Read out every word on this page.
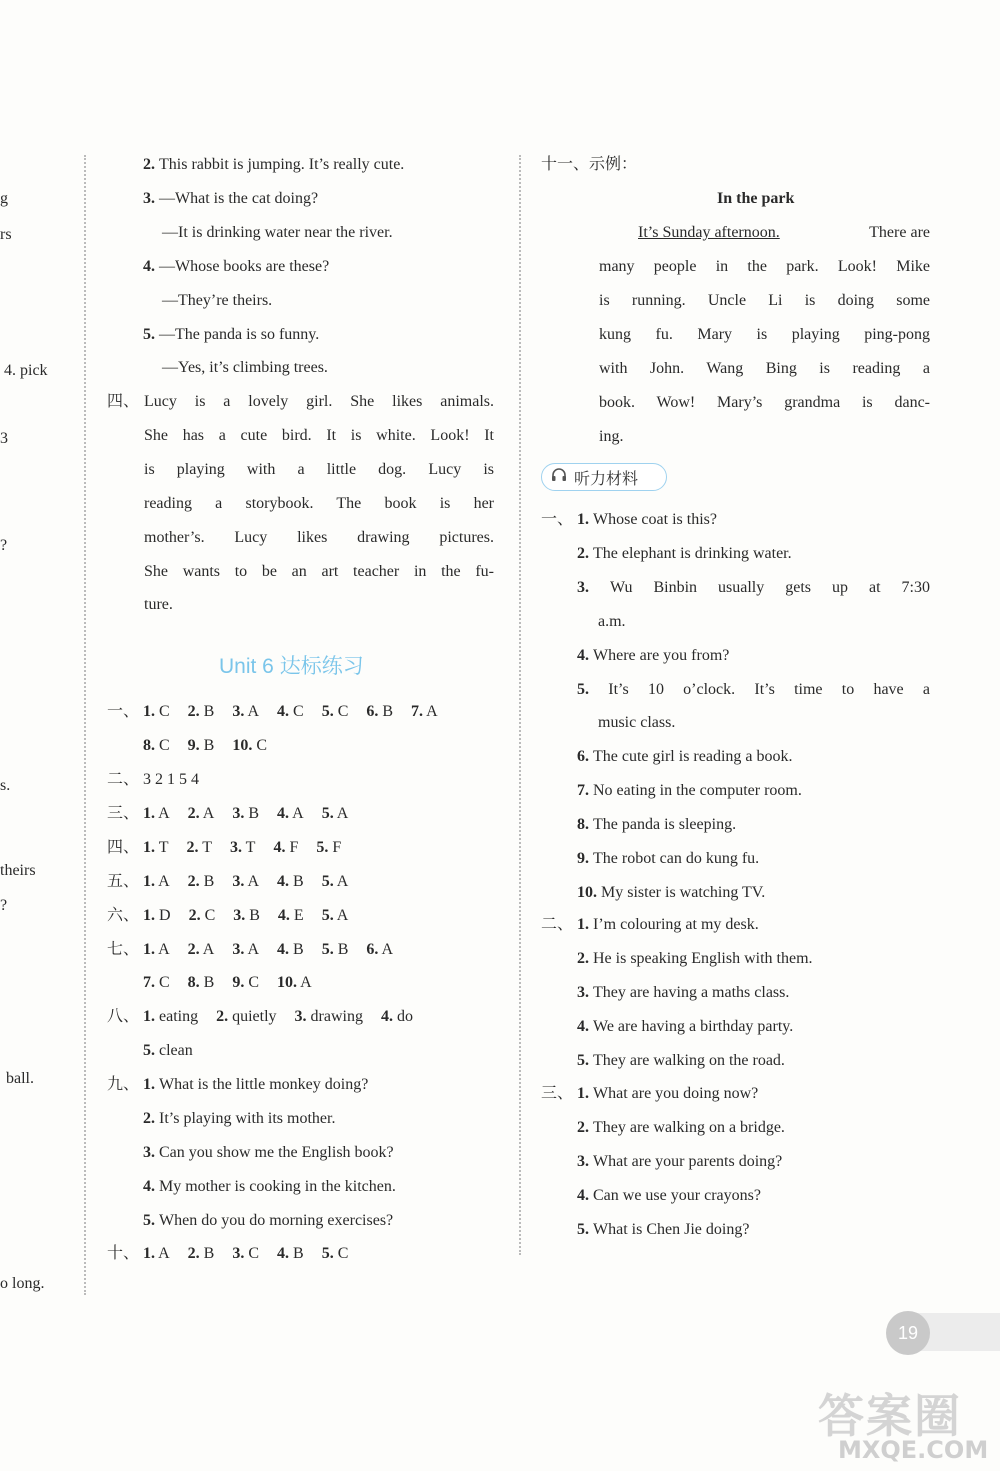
Unit 6 达标练习
听力材料
19
答案圈
MXQE.COM
g
rs
4. pick
3
?
s.
theirs
?
ball.
o long.
2. This rabbit is jumping. It’s really cute.
3. —What is the cat doing?
—It is drinking water near the river.
4. —Whose books are these?
—They’re theirs.
5. —The panda is so funny.
—Yes, it’s climbing trees.
四、 Lucy is a lovely girl. She likes animals.
She has a cute bird. It is white. Look! It
is playing with a little dog. Lucy is
reading a storybook. The book is her
mother’s. Lucy likes drawing pictures.
She wants to be an art teacher in the fu-
ture.
一、 1. C 2. B 3. A 4. C 5. C 6. B 7. A
8. C 9. B 10. C
二、 3 2 1 5 4
三、 1. A 2. A 3. B 4. A 5. A
四、 1. T 2. T 3. T 4. F 5. F
五、 1. A 2. B 3. A 4. B 5. A
六、 1. D 2. C 3. B 4. E 5. A
七、 1. A 2. A 3. A 4. B 5. B 6. A
7. C 8. B 9. C 10. A
八、 1. eating 2. quietly 3. drawing 4. do
5. clean
九、 1. What is the little monkey doing?
2. It’s playing with its mother.
3. Can you show me the English book?
4. My mother is cooking in the kitchen.
5. When do you do morning exercises?
十、 1. A 2. B 3. C 4. B 5. C
十一、示例：
In the park
It’s Sunday afternoon.	There are
many people in the park. Look! Mike
is running. Uncle Li is doing some
kung fu. Mary is playing ping-pong
with John. Wang Bing is reading a
book. Wow! Mary’s grandma is danc-
ing.
一、 1. Whose coat is this?
2. The elephant is drinking water.
3. Wu Binbin usually gets up at 7:30
a.m.
4. Where are you from?
5. It’s 10 o’clock. It’s time to have a
music class.
6. The cute girl is reading a book.
7. No eating in the computer room.
8. The panda is sleeping.
9. The robot can do kung fu.
10. My sister is watching TV.
二、 1. I’m colouring at my desk.
2. He is speaking English with them.
3. They are having a maths class.
4. We are having a birthday party.
5. They are walking on the road.
三、 1. What are you doing now?
2. They are walking on a bridge.
3. What are your parents doing?
4. Can we use your crayons?
5. What is Chen Jie doing?
